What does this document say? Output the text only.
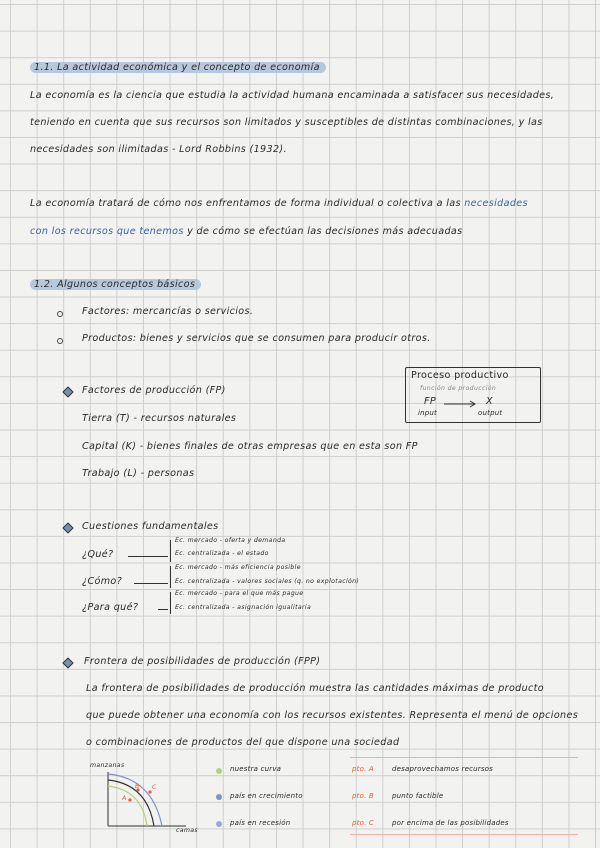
1.1. La actividad económica y el concepto de economía
La economía es la ciencia que estudia la actividad humana encaminada a satisfacer sus necesidades,
teniendo en cuenta que sus recursos son limitados y susceptibles de distintas combinaciones, y las
necesidades son ilimitadas - Lord Robbins (1932).
La economía tratará de cómo nos enfrentamos de forma individual o colectiva a las necesidades
con los recursos que tenemos y de cómo se efectúan las decisiones más adecuadas
1.2. Algunos conceptos básicos
Factores: mercancías o servicios.
Productos: bienes y servicios que se consumen para producir otros.
Factores de producción (FP)
Tierra (T) - recursos naturales
Capital (K) - bienes finales de otras empresas que en esta son FP
Trabajo (L) - personas
Proceso productivo
función de producción
FP	X
input	output
Cuestiones fundamentales
¿Qué?
Ec. mercado - oferta y demanda
Ec. centralizada - el estado
¿Cómo?
Ec. mercado - más eficiencia posible
Ec. centralizada - valores sociales (q. no explotación)
¿Para qué?
Ec. mercado - para el que más pague
Ec. centralizada - asignación igualitaria
Frontera de posibilidades de producción (FPP)
La frontera de posibilidades de producción muestra las cantidades máximas de producto
que puede obtener una economía con los recursos existentes. Representa el menú de opciones
o combinaciones de productos del que dispone una sociedad
manzanas
camas
A
B C
nuestra curva
país en crecimiento
país en recesión
pto. A	desaprovechamos recursos
pto. B	punto factible
pto. C	por encima de las posibilidades
